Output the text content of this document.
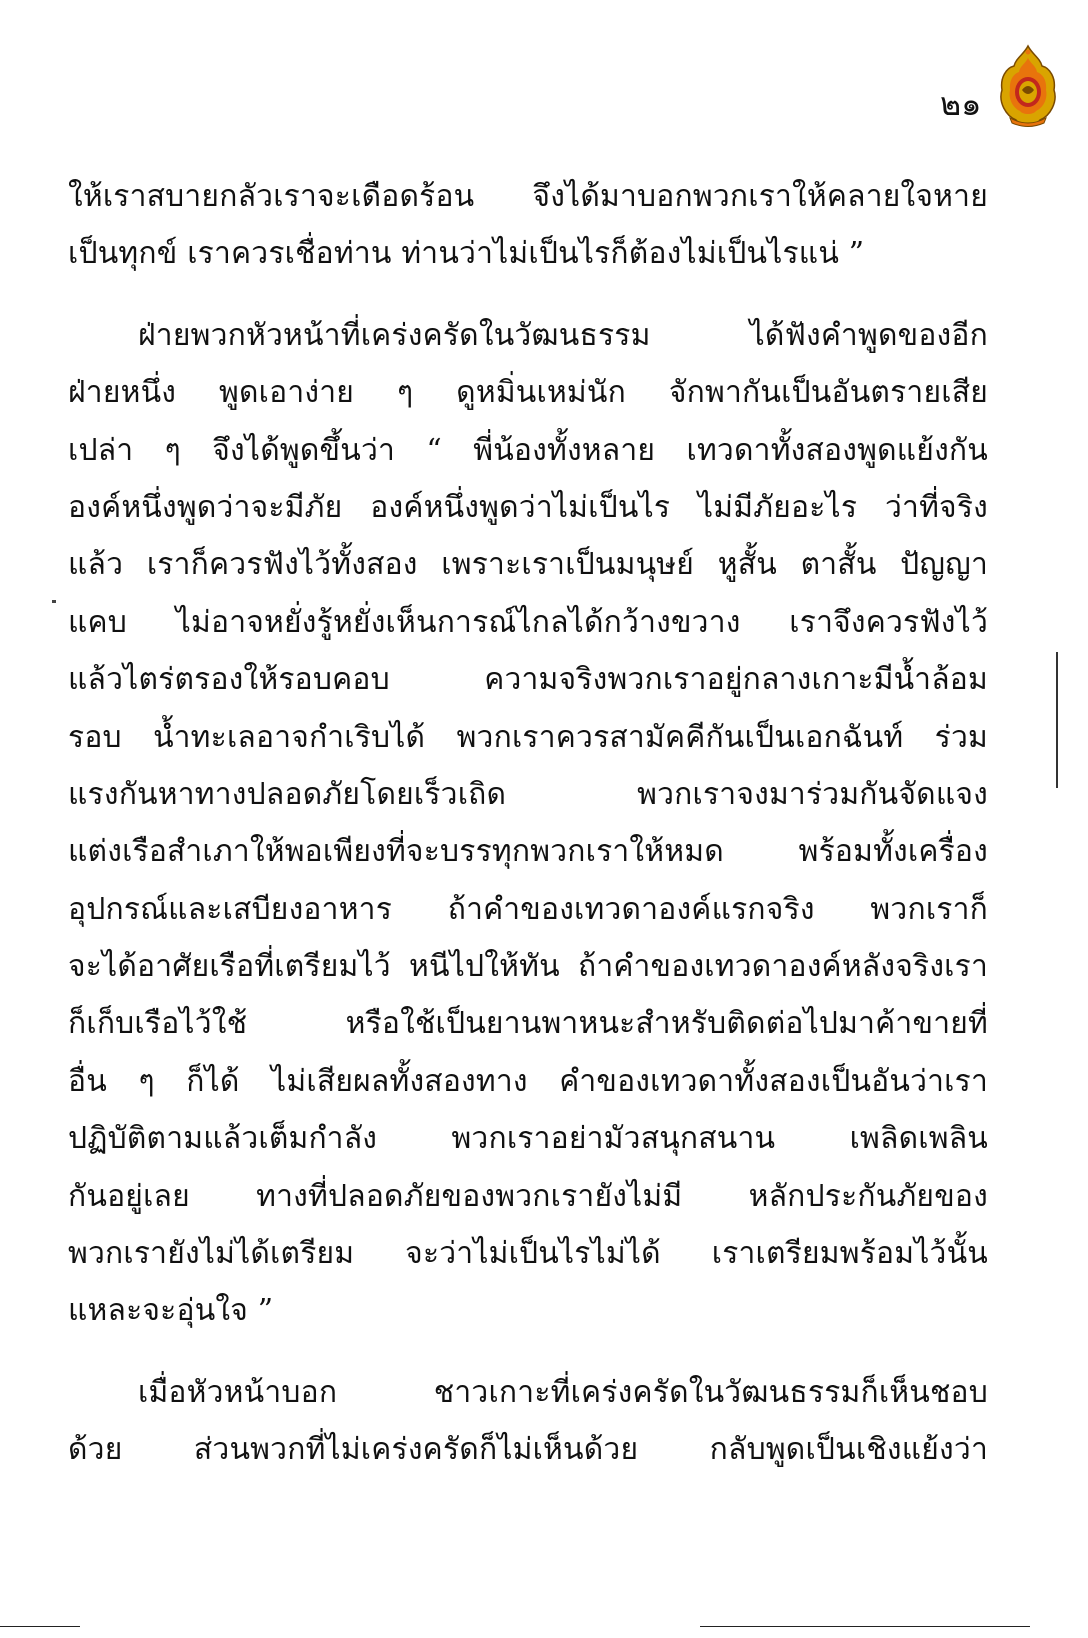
๒๑
ให้เราสบายกลัวเราจะเดือดร้อน จึงได้มาบอกพวกเราให้คลายใจหาย
เป็นทุกข์ เราควรเชื่อท่าน ท่านว่าไม่เป็นไรก็ต้องไม่เป็นไรแน่ ”
ฝ่ายพวกหัวหน้าที่เคร่งครัดในวัฒนธรรม ได้ฟังคำพูดของอีก
ฝ่ายหนึ่ง พูดเอาง่าย ๆ ดูหมิ่นเหม่นัก จักพากันเป็นอันตรายเสีย
เปล่า ๆ จึงได้พูดขึ้นว่า “ พี่น้องทั้งหลาย เทวดาทั้งสองพูดแย้งกัน
องค์หนึ่งพูดว่าจะมีภัย องค์หนึ่งพูดว่าไม่เป็นไร ไม่มีภัยอะไร ว่าที่จริง
แล้ว เราก็ควรฟังไว้ทั้งสอง เพราะเราเป็นมนุษย์ หูสั้น ตาสั้น ปัญญา
แคบ ไม่อาจหยั่งรู้หยั่งเห็นการณ์ไกลได้กว้างขวาง เราจึงควรฟังไว้
แล้วไตร่ตรองให้รอบคอบ ความจริงพวกเราอยู่กลางเกาะมีน้ำล้อม
รอบ น้ำทะเลอาจกำเริบได้ พวกเราควรสามัคคีกันเป็นเอกฉันท์ ร่วม
แรงกันหาทางปลอดภัยโดยเร็วเถิด พวกเราจงมาร่วมกันจัดแจง
แต่งเรือสำเภาให้พอเพียงที่จะบรรทุกพวกเราให้หมด พร้อมทั้งเครื่อง
อุปกรณ์และเสบียงอาหาร ถ้าคำของเทวดาองค์แรกจริง พวกเราก็
จะได้อาศัยเรือที่เตรียมไว้ หนีไปให้ทัน ถ้าคำของเทวดาองค์หลังจริงเรา
ก็เก็บเรือไว้ใช้ หรือใช้เป็นยานพาหนะสำหรับติดต่อไปมาค้าขายที่
อื่น ๆ ก็ได้ ไม่เสียผลทั้งสองทาง คำของเทวดาทั้งสองเป็นอันว่าเรา
ปฏิบัติตามแล้วเต็มกำลัง พวกเราอย่ามัวสนุกสนาน เพลิดเพลิน
กันอยู่เลย ทางที่ปลอดภัยของพวกเรายังไม่มี หลักประกันภัยของ
พวกเรายังไม่ได้เตรียม จะว่าไม่เป็นไรไม่ได้ เราเตรียมพร้อมไว้นั้น
แหละจะอุ่นใจ ”
เมื่อหัวหน้าบอก ชาวเกาะที่เคร่งครัดในวัฒนธรรมก็เห็นชอบ
ด้วย ส่วนพวกที่ไม่เคร่งครัดก็ไม่เห็นด้วย กลับพูดเป็นเชิงแย้งว่า
